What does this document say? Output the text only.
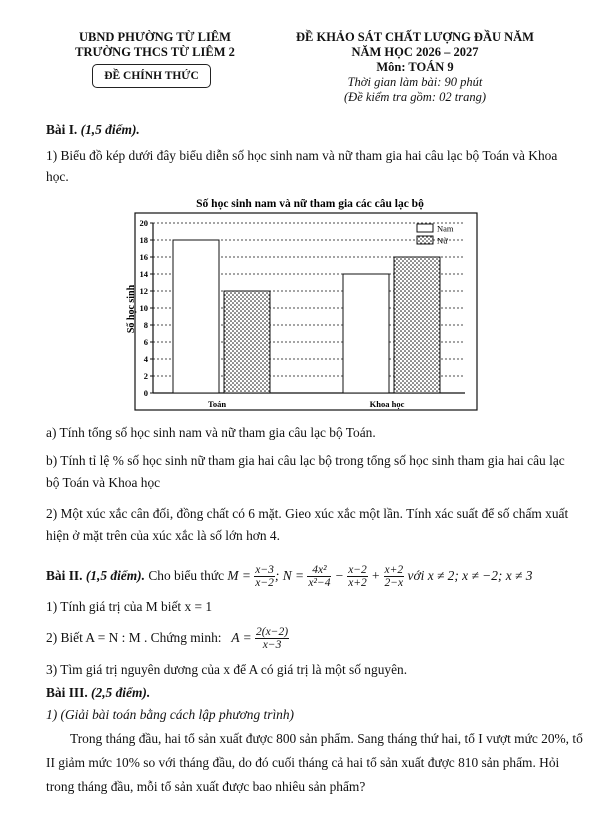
UBND PHƯỜNG TỪ LIÊM
TRƯỜNG THCS TỪ LIÊM 2
ĐỀ CHÍNH THỨC
ĐỀ KHẢO SÁT CHẤT LƯỢNG ĐẦU NĂM
NĂM HỌC 2026 – 2027
Môn: TOÁN 9
Thời gian làm bài: 90 phút
(Đề kiểm tra gồm: 02 trang)
Bài I. (1,5 điểm).
1) Biểu đồ kép dưới đây biểu diễn số học sinh nam và nữ tham gia hai câu lạc bộ Toán và Khoa
học.
Số học sinh nam và nữ tham gia các câu lạc bộ
Số học sinh
0
2
4
6
8
10
12
14
16
18
20
Toán	Khoa học
Nam
Nữ
a) Tính tổng số học sinh nam và nữ tham gia câu lạc bộ Toán.
b) Tính tỉ lệ % số học sinh nữ tham gia hai câu lạc bộ trong tổng số học sinh tham gia hai câu lạc
bộ Toán và Khoa học
2) Một xúc xắc cân đối, đồng chất có 6 mặt. Gieo xúc xắc một lần. Tính xác suất để số chấm xuất
hiện ở mặt trên của xúc xắc là số lớn hơn 4.
Bài II. (1,5 điểm). Cho biểu thức $M = \frac{x-3}{x-2}$ ; $N = \frac{\text{4x²}}{\text{x²−4}} - \frac{x-2}{x+2} + \frac{x+2}{2-x}$ với x ≠ 2; x ≠ −2; x ≠ 3
1) Tính giá trị của M biết x = 1
2) Biết A = N : M . Chứng minh:   $A = \frac{2(x-2)}{x-3}$
3) Tìm giá trị nguyên dương của x để A có giá trị là một số nguyên.
Bài III. (2,5 điểm).
1) (Giải bài toán bằng cách lập phương trình)
Trong tháng đầu, hai tổ sản xuất được 800 sản phẩm. Sang tháng thứ hai, tổ I vượt mức 20%, tổ
II giảm mức 10% so với tháng đầu, do đó cuối tháng cả hai tổ sản xuất được 810 sản phẩm. Hỏi
trong tháng đầu, mỗi tổ sản xuất được bao nhiêu sản phẩm?
